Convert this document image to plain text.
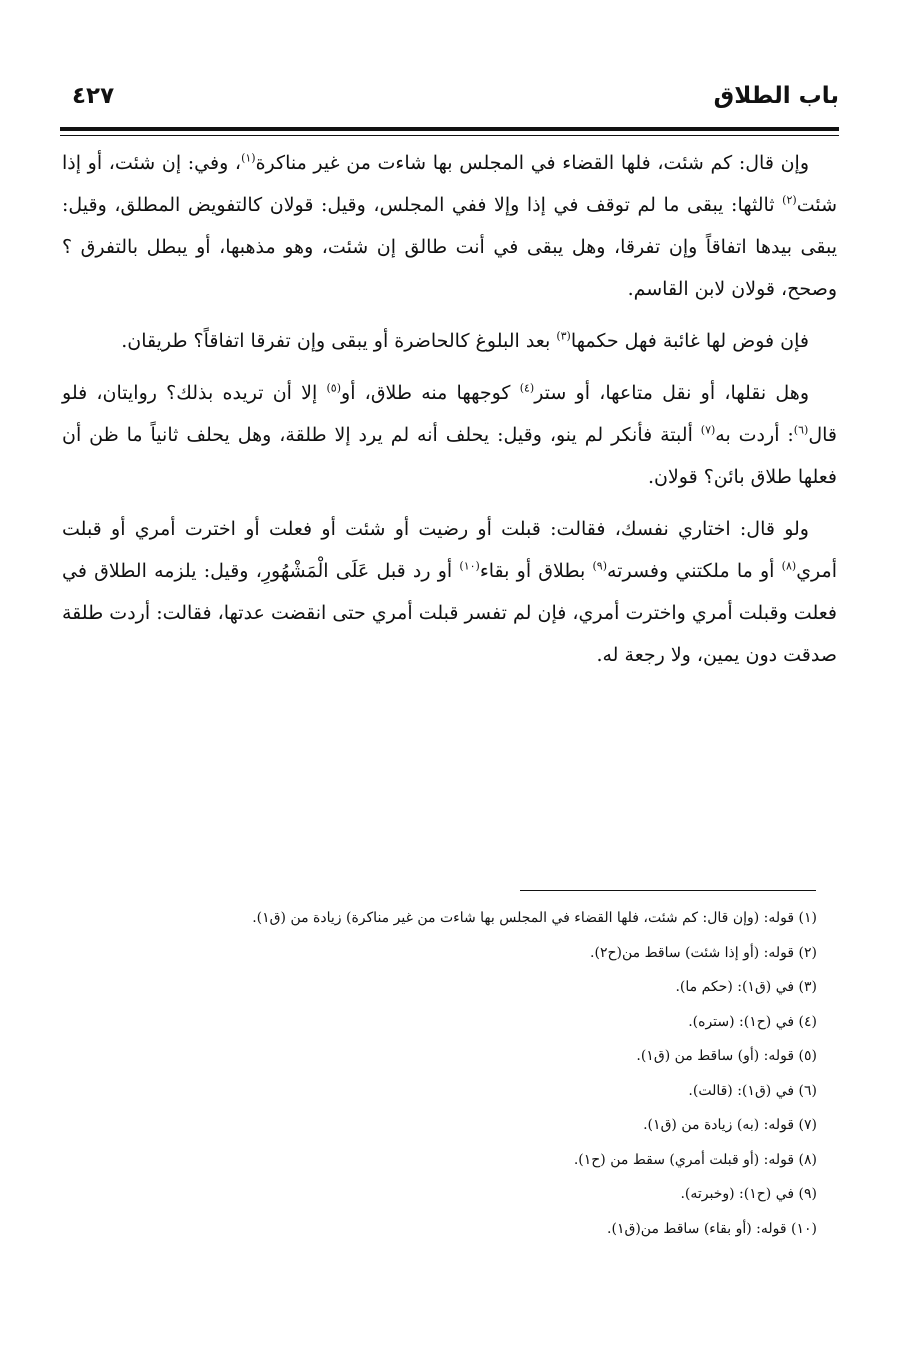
باب الطلاق
٤٢٧

وإن قال: كم شئت، فلها القضاء في المجلس بها شاءت من غير مناكرة$^{(١)}$، وفي: إن شئت، أو إذا شئت$^{(٢)}$ ثالثها: يبقى ما لم توقف في إذا وإلا ففي المجلس، وقيل: قولان كالتفويض المطلق، وقيل: يبقى بيدها اتفاقاً وإن تفرقا، وهل يبقى في أنت طالق إن شئت، وهو مذهبها، أو يبطل بالتفرق ؟ وصحح، قولان لابن القاسم.

فإن فوض لها غائبة فهل حكمها$^{(٣)}$ بعد البلوغ كالحاضرة أو يبقى وإن تفرقا اتفاقاً؟ طريقان.

وهل نقلها، أو نقل متاعها، أو ستر$^{(٤)}$ كوجهها منه طلاق، أو$^{(٥)}$ إلا أن تريده بذلك؟ روايتان، فلو قال$^{(٦)}$: أردت به$^{(٧)}$ ألبتة فأنكر لم ينو، وقيل: يحلف أنه لم يرد إلا طلقة، وهل يحلف ثانياً ما ظن أن فعلها طلاق بائن؟ قولان.

ولو قال: اختاري نفسك، فقالت: قبلت أو رضيت أو شئت أو فعلت أو اخترت أمري أو قبلت أمري$^{(٨)}$ أو ما ملكتني وفسرته$^{(٩)}$ بطلاق أو بقاء$^{(١٠)}$ أو رد قبل عَلَى الْمَشْهُورِ، وقيل: يلزمه الطلاق في فعلت وقبلت أمري واخترت أمري، فإن لم تفسر قبلت أمري حتى انقضت عدتها، فقالت: أردت طلقة صدقت دون يمين، ولا رجعة له.

(١) قوله: (وإن قال: كم شئت، فلها القضاء في المجلس بها شاءت من غير مناكرة) زيادة من (ق١).
(٢) قوله: (أو إذا شئت) ساقط من(ح٢).
(٣) في (ق١): (حكم ما).
(٤) في (ح١): (ستره).
(٥) قوله: (أو) ساقط من (ق١).
(٦) في (ق١): (قالت).
(٧) قوله: (به) زيادة من (ق١).
(٨) قوله: (أو قبلت أمري) سقط من (ح١).
(٩) في (ح١): (وخبرته).
(١٠) قوله: (أو بقاء) ساقط من(ق١).
